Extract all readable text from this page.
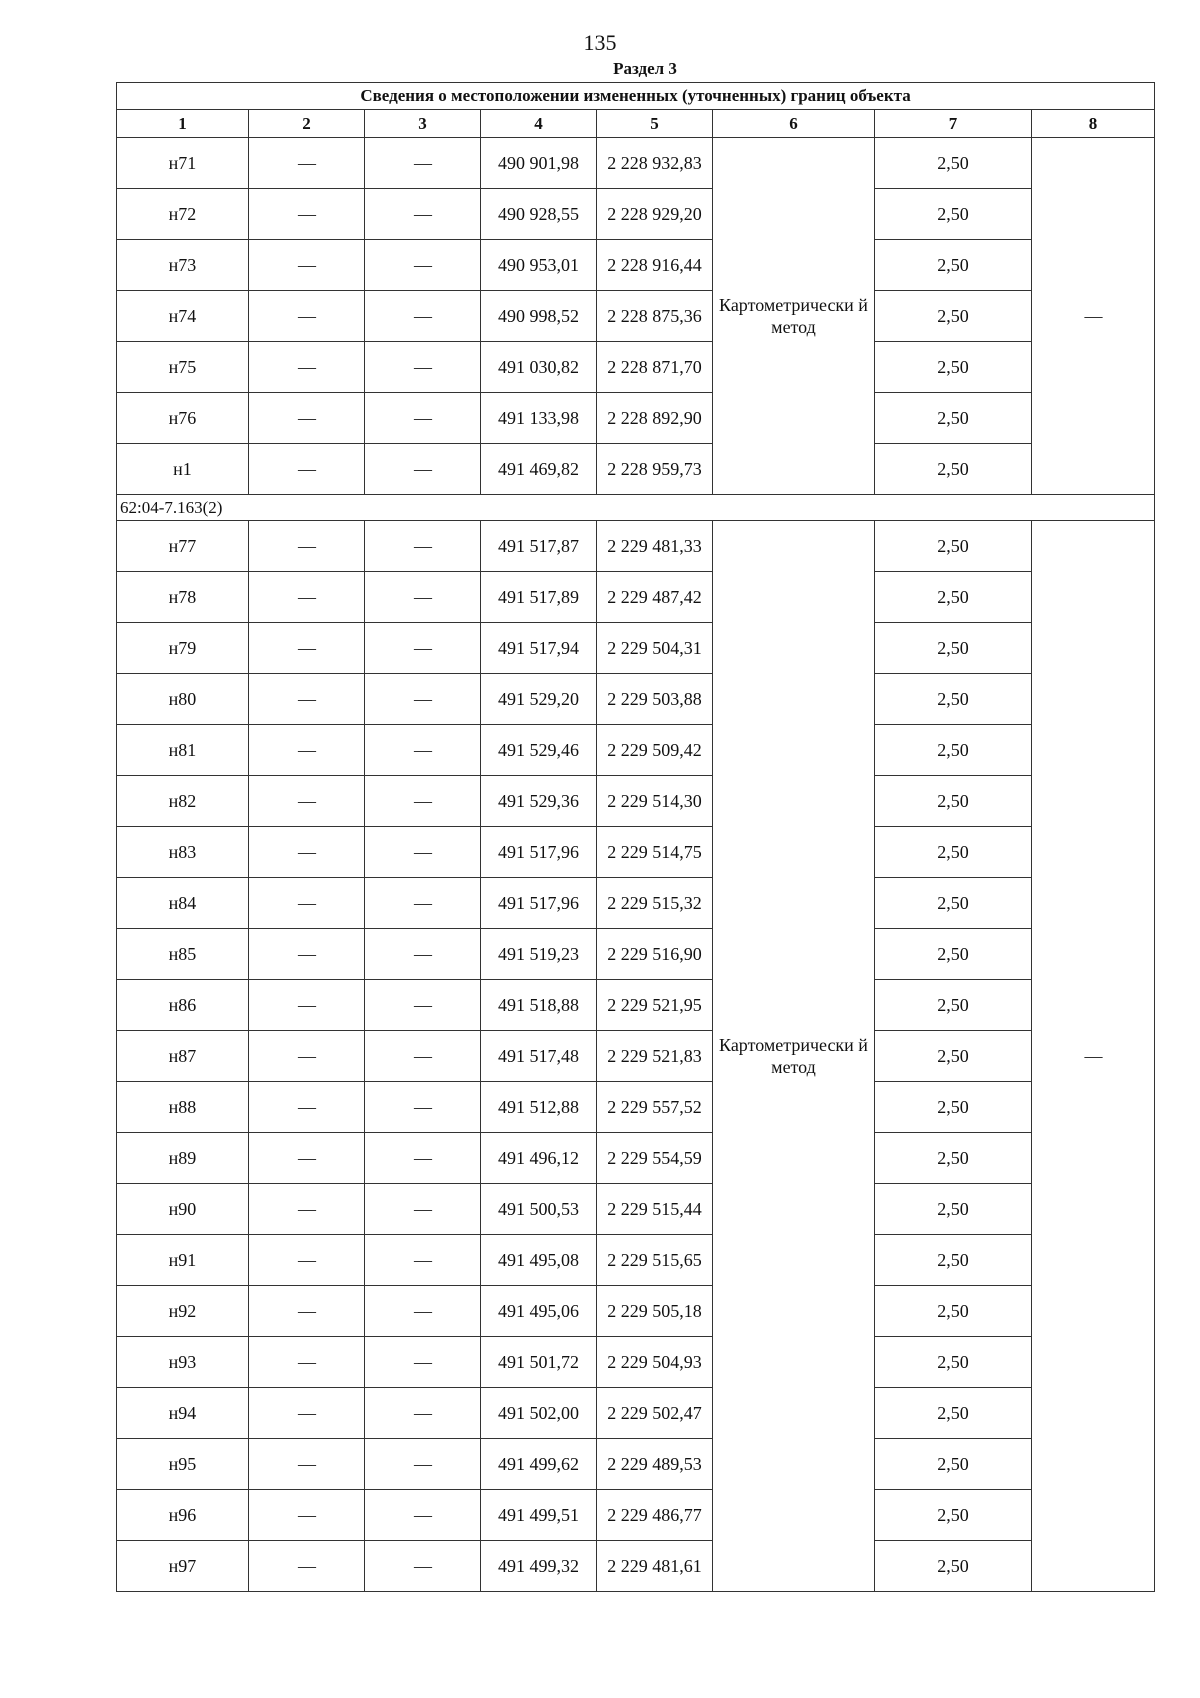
135
Раздел 3
Сведения о местоположении измененных (уточненных) границ объекта							
1	2	3	4	5	6	7	8
н71	—	—	490 901,98	2 228 932,83	Картометрически й метод	2,50	—
н72	—	—	490 928,55	2 228 929,20		2,50	
н73	—	—	490 953,01	2 228 916,44		2,50	
н74	—	—	490 998,52	2 228 875,36		2,50	
н75	—	—	491 030,82	2 228 871,70		2,50	
н76	—	—	491 133,98	2 228 892,90		2,50	
н1	—	—	491 469,82	2 228 959,73		2,50	
62:04-7.163(2)							
н77	—	—	491 517,87	2 229 481,33	Картометрически й метод	2,50	—
н78	—	—	491 517,89	2 229 487,42		2,50	
н79	—	—	491 517,94	2 229 504,31		2,50	
н80	—	—	491 529,20	2 229 503,88		2,50	
н81	—	—	491 529,46	2 229 509,42		2,50	
н82	—	—	491 529,36	2 229 514,30		2,50	
н83	—	—	491 517,96	2 229 514,75		2,50	
н84	—	—	491 517,96	2 229 515,32		2,50	
н85	—	—	491 519,23	2 229 516,90		2,50	
н86	—	—	491 518,88	2 229 521,95		2,50	
н87	—	—	491 517,48	2 229 521,83		2,50	
н88	—	—	491 512,88	2 229 557,52		2,50	
н89	—	—	491 496,12	2 229 554,59		2,50	
н90	—	—	491 500,53	2 229 515,44		2,50	
н91	—	—	491 495,08	2 229 515,65		2,50	
н92	—	—	491 495,06	2 229 505,18		2,50	
н93	—	—	491 501,72	2 229 504,93		2,50	
н94	—	—	491 502,00	2 229 502,47		2,50	
н95	—	—	491 499,62	2 229 489,53		2,50	
н96	—	—	491 499,51	2 229 486,77		2,50	
н97	—	—	491 499,32	2 229 481,61		2,50	
